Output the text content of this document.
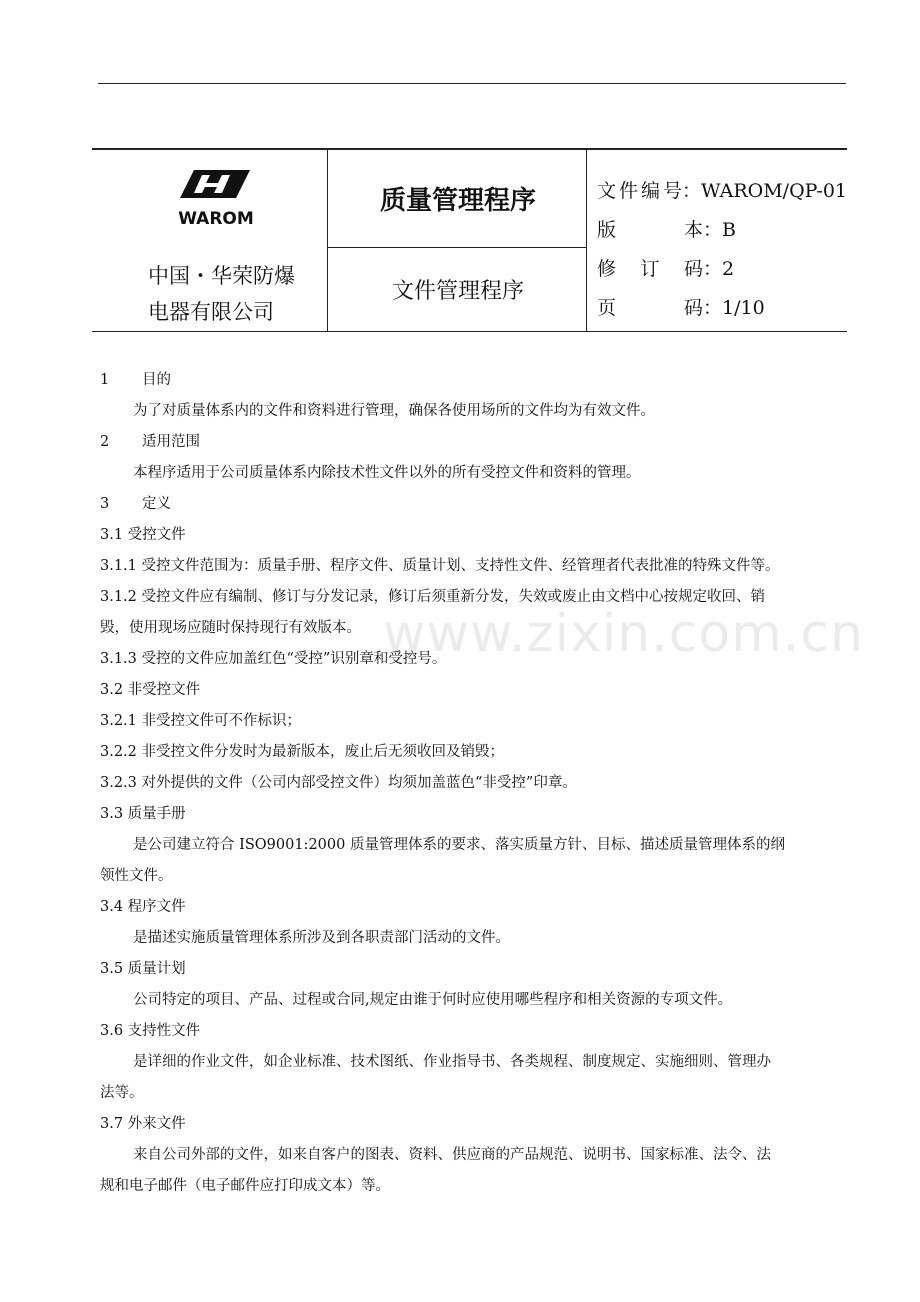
WAROM
中国・华荣防爆
电器有限公司
质量管理程序
文件管理程序
文件编号 ：WAROM/QP-01
版本 ：B
修订码 ：2
页码 ：1/10
www.zixin.com.cn
1 目的
为了对质量体系内的文件和资料进行管理，确保各使用场所的文件均为有效文件。
2 适用范围
本程序适用于公司质量体系内除技术性文件以外的所有受控文件和资料的管理。
3 定义
3.1 受控文件
3.1.1 受控文件范围为：质量手册、程序文件、质量计划、支持性文件、经管理者代表批准的特殊文件等。
3.1.2 受控文件应有编制、修订与分发记录，修订后须重新分发，失效或废止由文档中心按规定收回、销
毁，使用现场应随时保持现行有效版本。
3.1.3 受控的文件应加盖红色“受控”识别章和受控号。
3.2 非受控文件
3.2.1 非受控文件可不作标识；
3.2.2 非受控文件分发时为最新版本，废止后无须收回及销毁；
3.2.3 对外提供的文件（公司内部受控文件）均须加盖蓝色“非受控”印章。
3.3 质量手册
是公司建立符合 ISO9001:2000 质量管理体系的要求、落实质量方针、目标、描述质量管理体系的纲
领性文件。
3.4 程序文件
是描述实施质量管理体系所涉及到各职责部门活动的文件。
3.5 质量计划
公司特定的项目、产品、过程或合同,规定由谁于何时应使用哪些程序和相关资源的专项文件。
3.6 支持性文件
是详细的作业文件，如企业标准、技术图纸、作业指导书、各类规程、制度规定、实施细则、管理办
法等。
3.7 外来文件
来自公司外部的文件，如来自客户的图表、资料、供应商的产品规范、说明书、国家标准、法令、法
规和电子邮件（电子邮件应打印成文本）等。
